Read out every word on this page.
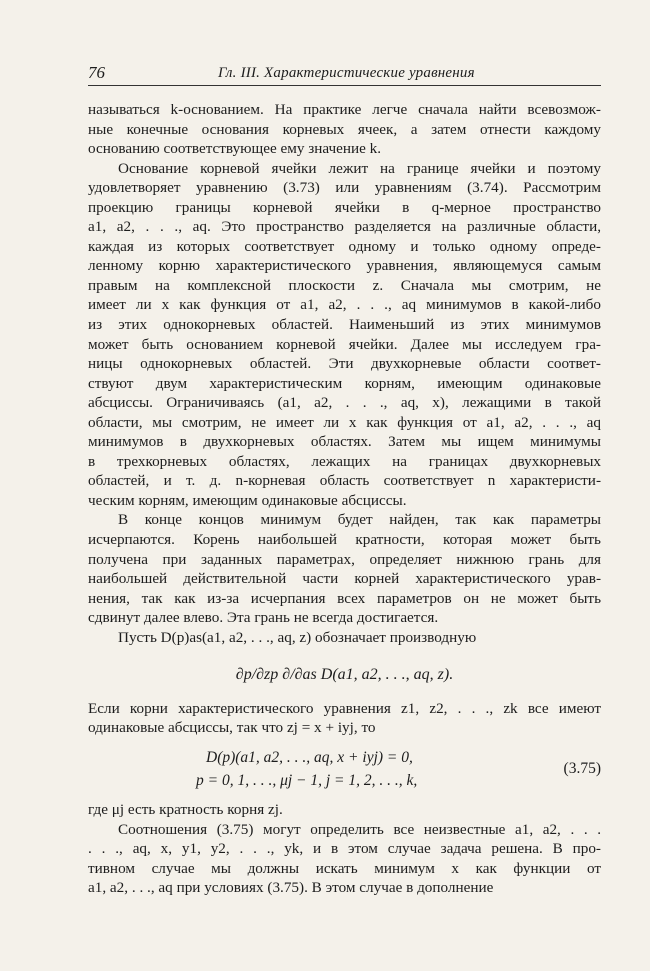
76	Гл. III. Характеристические уравнения
называться k-основанием. На практике легче сначала найти всевозмож-
ные конечные основания корневых ячеек, а затем отнести каждому
основанию соответствующее ему значение k.
Основание корневой ячейки лежит на границе ячейки и поэтому
удовлетворяет уравнению (3.73) или уравнениям (3.74). Рассмотрим
проекцию границы корневой ячейки в q-мерное пространство
a1, a2, . . ., aq. Это пространство разделяется на различные области,
каждая из которых соответствует одному и только одному опреде-
ленному корню характеристического уравнения, являющемуся самым
правым на комплексной плоскости z. Сначала мы смотрим, не
имеет ли x как функция от a1, a2, . . ., aq минимумов в какой-либо
из этих однокорневых областей. Наименьший из этих минимумов
может быть основанием корневой ячейки. Далее мы исследуем гра-
ницы однокорневых областей. Эти двухкорневые области соответ-
ствуют двум характеристическим корням, имеющим одинаковые
абсциссы. Ограничиваясь (a1, a2, . . ., aq, x), лежащими в такой
области, мы смотрим, не имеет ли x как функция от a1, a2, . . ., aq
минимумов в двухкорневых областях. Затем мы ищем минимумы
в трехкорневых областях, лежащих на границах двухкорневых
областей, и т. д. n-корневая область соответствует n характеристи-
ческим корням, имеющим одинаковые абсциссы.
В конце концов минимум будет найден, так как параметры
исчерпаются. Корень наибольшей кратности, которая может быть
получена при заданных параметрах, определяет нижнюю грань для
наибольшей действительной части корней характеристического урав-
нения, так как из-за исчерпания всех параметров он не может быть
сдвинут далее влево. Эта грань не всегда достигается.
Пусть D(p)as(a1, a2, . . ., aq, z) обозначает производную
∂p/∂zp ∂/∂as D(a1, a2, . . ., aq, z).
Если корни характеристического уравнения z1, z2, . . ., zk все имеют
одинаковые абсциссы, так что zj = x + iyj, то
D(p)(a1, a2, . . ., aq, x + iyj) = 0,
p = 0, 1, . . ., μj − 1, j = 1, 2, . . ., k,
(3.75)
где μj есть кратность корня zj.
Соотношения (3.75) могут определить все неизвестные a1, a2, . . .
. . ., aq, x, y1, y2, . . ., yk, и в этом случае задача решена. В про-
тивном случае мы должны искать минимум x как функции от
a1, a2, . . ., aq при условиях (3.75). В этом случае в дополнение
